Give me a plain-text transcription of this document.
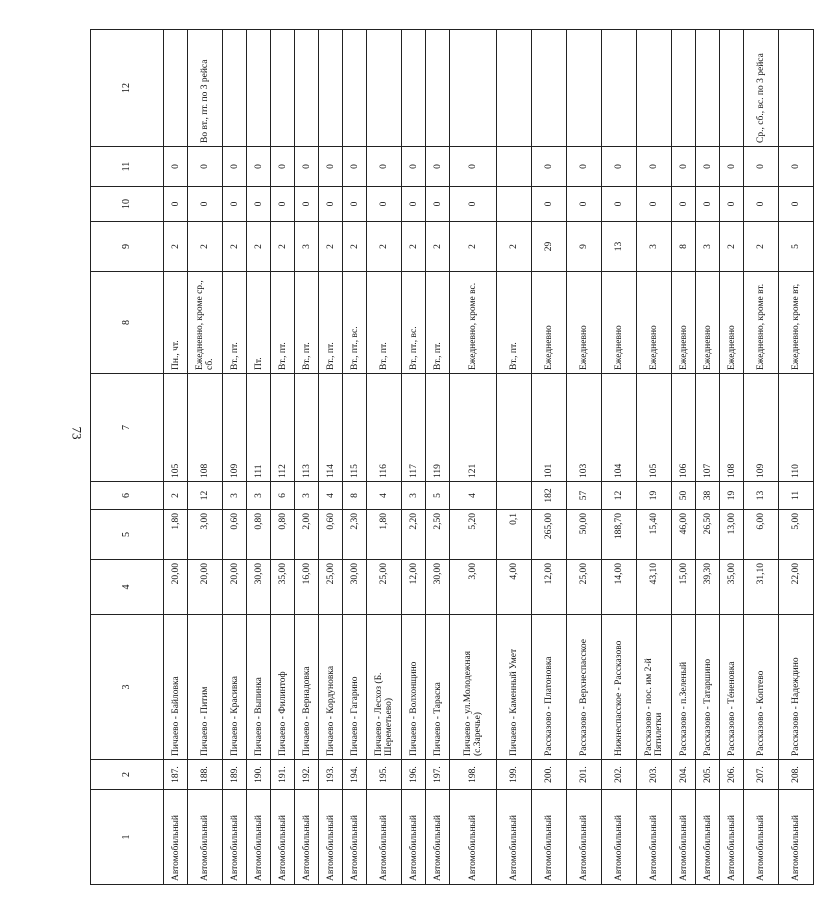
73
1	2	3	4	5	6	7	8	9	10	11	12
Автомобильный	187.	Пичаево - Байловка	20,00	1,80	2	105	Пн., чт.	2	0	0	
Автомобильный	188.	Пичаево - Питим	20,00	3,00	12	108	Ежедневно, кроме ср., сб.	2	0	0	Во вт., пт. по 3 рейса
Автомобильный	189.	Пичаево - Красивка	20,00	0,60	3	109	Вт., пт.	2	0	0	
Автомобильный	190.	Пичаево - Выпинка	30,00	0,80	3	111	Пт.	2	0	0	
Автомобильный	191.	Пичаево - Филинтоф	35,00	0,80	6	112	Вт., пт.	2	0	0	
Автомобильный	192.	Пичаево - Вернадовка	16,00	2,00	3	113	Вт., пт.	3	0	0	
Автомобильный	193.	Пичаево - Кордуновка	25,00	0,60	4	114	Вт., пт.	2	0	0	
Автомобильный	194.	Пичаево - Гагарино	30,00	2,30	8	115	Вт., пт., вс.	2	0	0	
Автомобильный	195.	Пичаево - Лесхоз (Б. Шереметьево)	25,00	1,80	4	116	Вт., пт.	2	0	0	
Автомобильный	196.	Пичаево - Волхонщино	12,00	2,20	3	117	Вт., пт., вс.	2	0	0	
Автомобильный	197.	Пичаево - Тараска	30,00	2,50	5	119	Вт., пт.	2	0	0	
Автомобильный	198.	Пичаево - ул.Молодежная (с.Заречье)	3,00	5,20	4	121	Ежедневно, кроме вс.	2	0	0	
Автомобильный	199.	Пичаево - Каменный Умет	4,00	0,1			Вт., пт.	2			
Автомобильный	200.	Рассказово - Платоновка	12,00	265,00	182	101	Ежедневно	29	0	0	
Автомобильный	201.	Рассказово - Верхнеспасское	25,00	50,00	57	103	Ежедневно	9	0	0	
Автомобильный	202.	Нижнеспасское - Рассказово	14,00	188,70	12	104	Ежедневно	13	0	0	
Автомобильный	203.	Рассказово - пос. им 2-й Пятилетки	43,10	15,40	19	105	Ежедневно	3	0	0	
Автомобильный	204.	Рассказово - п.Зеленый	15,00	46,00	50	106	Ежедневно	8	0	0	
Автомобильный	205.	Рассказово - Татаршино	39,30	26,50	38	107	Ежедневно	3	0	0	
Автомобильный	206.	Рассказово - Téненовка	35,00	13,00	19	108	Ежедневно	2	0	0	
Автомобильный	207.	Рассказово - Коптево	31,10	6,00	13	109	Ежедневно, кроме вт.	2	0	0	Ср., сб., вс. по 3 рейса
Автомобильный	208.	Рассказово - Надеждино	22,00	5,00	11	110	Ежедневно, кроме вт,	5	0	0	
